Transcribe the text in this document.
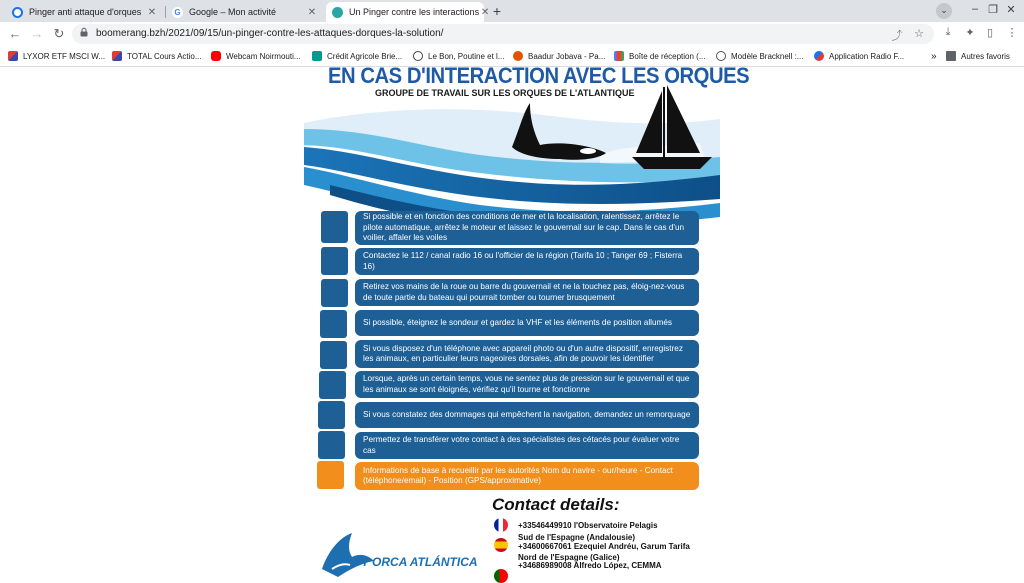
Pinger anti attaque d'orques ✕ G Google – Mon activité	✕	Un Pinger contre les interactions ✕ +	⌄	– ❐ ✕
← → ↻	boomerang.bzh/2021/09/15/un-pinger-contre-les-attaques-dorques-la-solution/	⤴ ☆	⤓	✦	▯	⋮
LYXOR ETF MSCI W...	TOTAL Cours Actio...	Webcam Noirmouti...	Crédit Agricole Brie...	Le Bon, Poutine et l...	Baadur Jobava - Pa...	Boîte de réception (...	Modèle Bracknell :...	Application Radio F...	»	Autres favoris
EN CAS D'INTERACTION AVEC LES ORQUES
GROUPE DE TRAVAIL SUR LES ORQUES DE L'ATLANTIQUE
Si possible et en fonction des conditions de mer et la localisation, ralentissez, arrêtez le pilote automatique, arrêtez le moteur et laissez le gouvernail sur le cap. Dans le cas d'un voilier, affaler les voiles
Contactez le 112 / canal radio 16 ou l'officier de la région (Tarifa 10 ; Tanger 69 ; Fisterra 16)
Retirez vos mains de la roue ou barre du gouvernail et ne la touchez pas, éloig-nez-vous de toute partie du bateau qui pourrait tomber ou tourner brusquement
Si possible, éteignez le sondeur et gardez la VHF et les éléments de position allumés
Si vous disposez d'un téléphone avec appareil photo ou d'un autre dispositif, enregistrez les animaux, en particulier leurs nageoires dorsales, afin de pouvoir les identifier
Lorsque, après un certain temps, vous ne sentez plus de pression sur le gouvernail et que les animaux se sont éloignés, vérifiez qu'il tourne et fonctionne
Si vous constatez des dommages qui empêchent la navigation, demandez un remorquage
Permettez de transférer votre contact à des spécialistes des cétacés pour évaluer votre cas
Informations de base à recueillir par les autorités Nom du navire - our/heure - Contact (téléphone/email) - Position (GPS/approximative)
Contact details:
+33546449910 l'Observatoire Pelagis
Sud de l'Espagne (Andalousie)
+34600667061 Ezequiel Andréu, Garum Tarifa
Nord de l'Espagne (Galice)
+34686989008 Alfredo López, CEMMA
GT ORCA ATLÁNTICA
